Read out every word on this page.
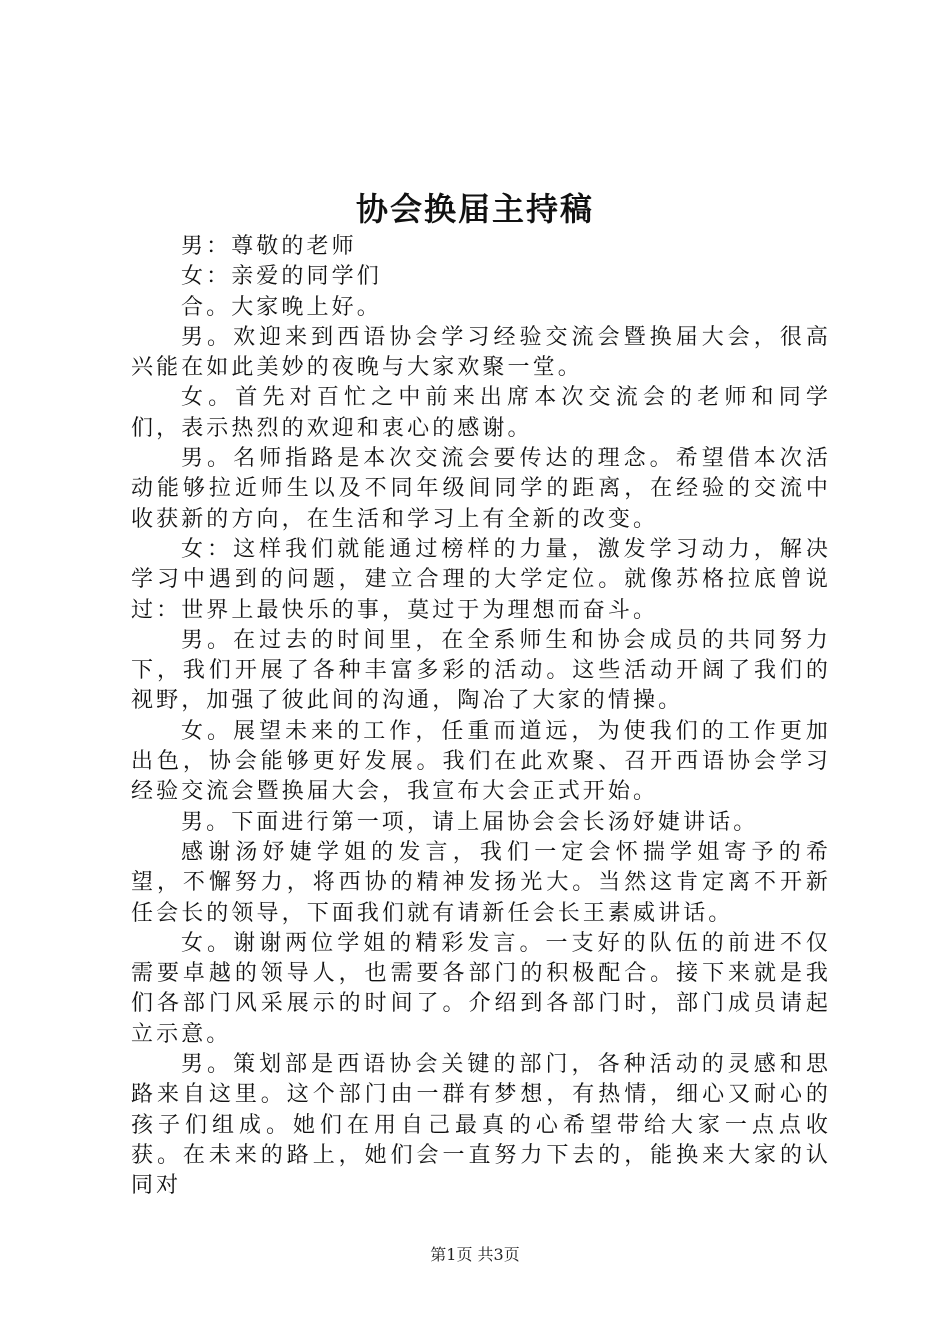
协会换届主持稿

男：尊敬的老师

女：亲爱的同学们

合。大家晚上好。

男。欢迎来到西语协会学习经验交流会暨换届大会，很高兴能在如此美妙的夜晚与大家欢聚一堂。

女。首先对百忙之中前来出席本次交流会的老师和同学们，表示热烈的欢迎和衷心的感谢。

男。名师指路是本次交流会要传达的理念。希望借本次活动能够拉近师生以及不同年级间同学的距离，在经验的交流中收获新的方向，在生活和学习上有全新的改变。

女：这样我们就能通过榜样的力量，激发学习动力，解决学习中遇到的问题，建立合理的大学定位。就像苏格拉底曾说过：世界上最快乐的事，莫过于为理想而奋斗。

男。在过去的时间里，在全系师生和协会成员的共同努力下，我们开展了各种丰富多彩的活动。这些活动开阔了我们的视野，加强了彼此间的沟通，陶冶了大家的情操。

女。展望未来的工作，任重而道远，为使我们的工作更加出色，协会能够更好发展。我们在此欢聚、召开西语协会学习经验交流会暨换届大会，我宣布大会正式开始。

男。下面进行第一项，请上届协会会长汤妤婕讲话。

感谢汤妤婕学姐的发言，我们一定会怀揣学姐寄予的希望，不懈努力，将西协的精神发扬光大。当然这肯定离不开新任会长的领导，下面我们就有请新任会长王素威讲话。

女。谢谢两位学姐的精彩发言。一支好的队伍的前进不仅需要卓越的领导人，也需要各部门的积极配合。接下来就是我们各部门风采展示的时间了。介绍到各部门时，部门成员请起立示意。

男。策划部是西语协会关键的部门，各种活动的灵感和思路来自这里。这个部门由一群有梦想，有热情，细心又耐心的孩子们组成。她们在用自己最真的心希望带给大家一点点收获。在未来的路上，她们会一直努力下去的，能换来大家的认同对

第1页 共3页
